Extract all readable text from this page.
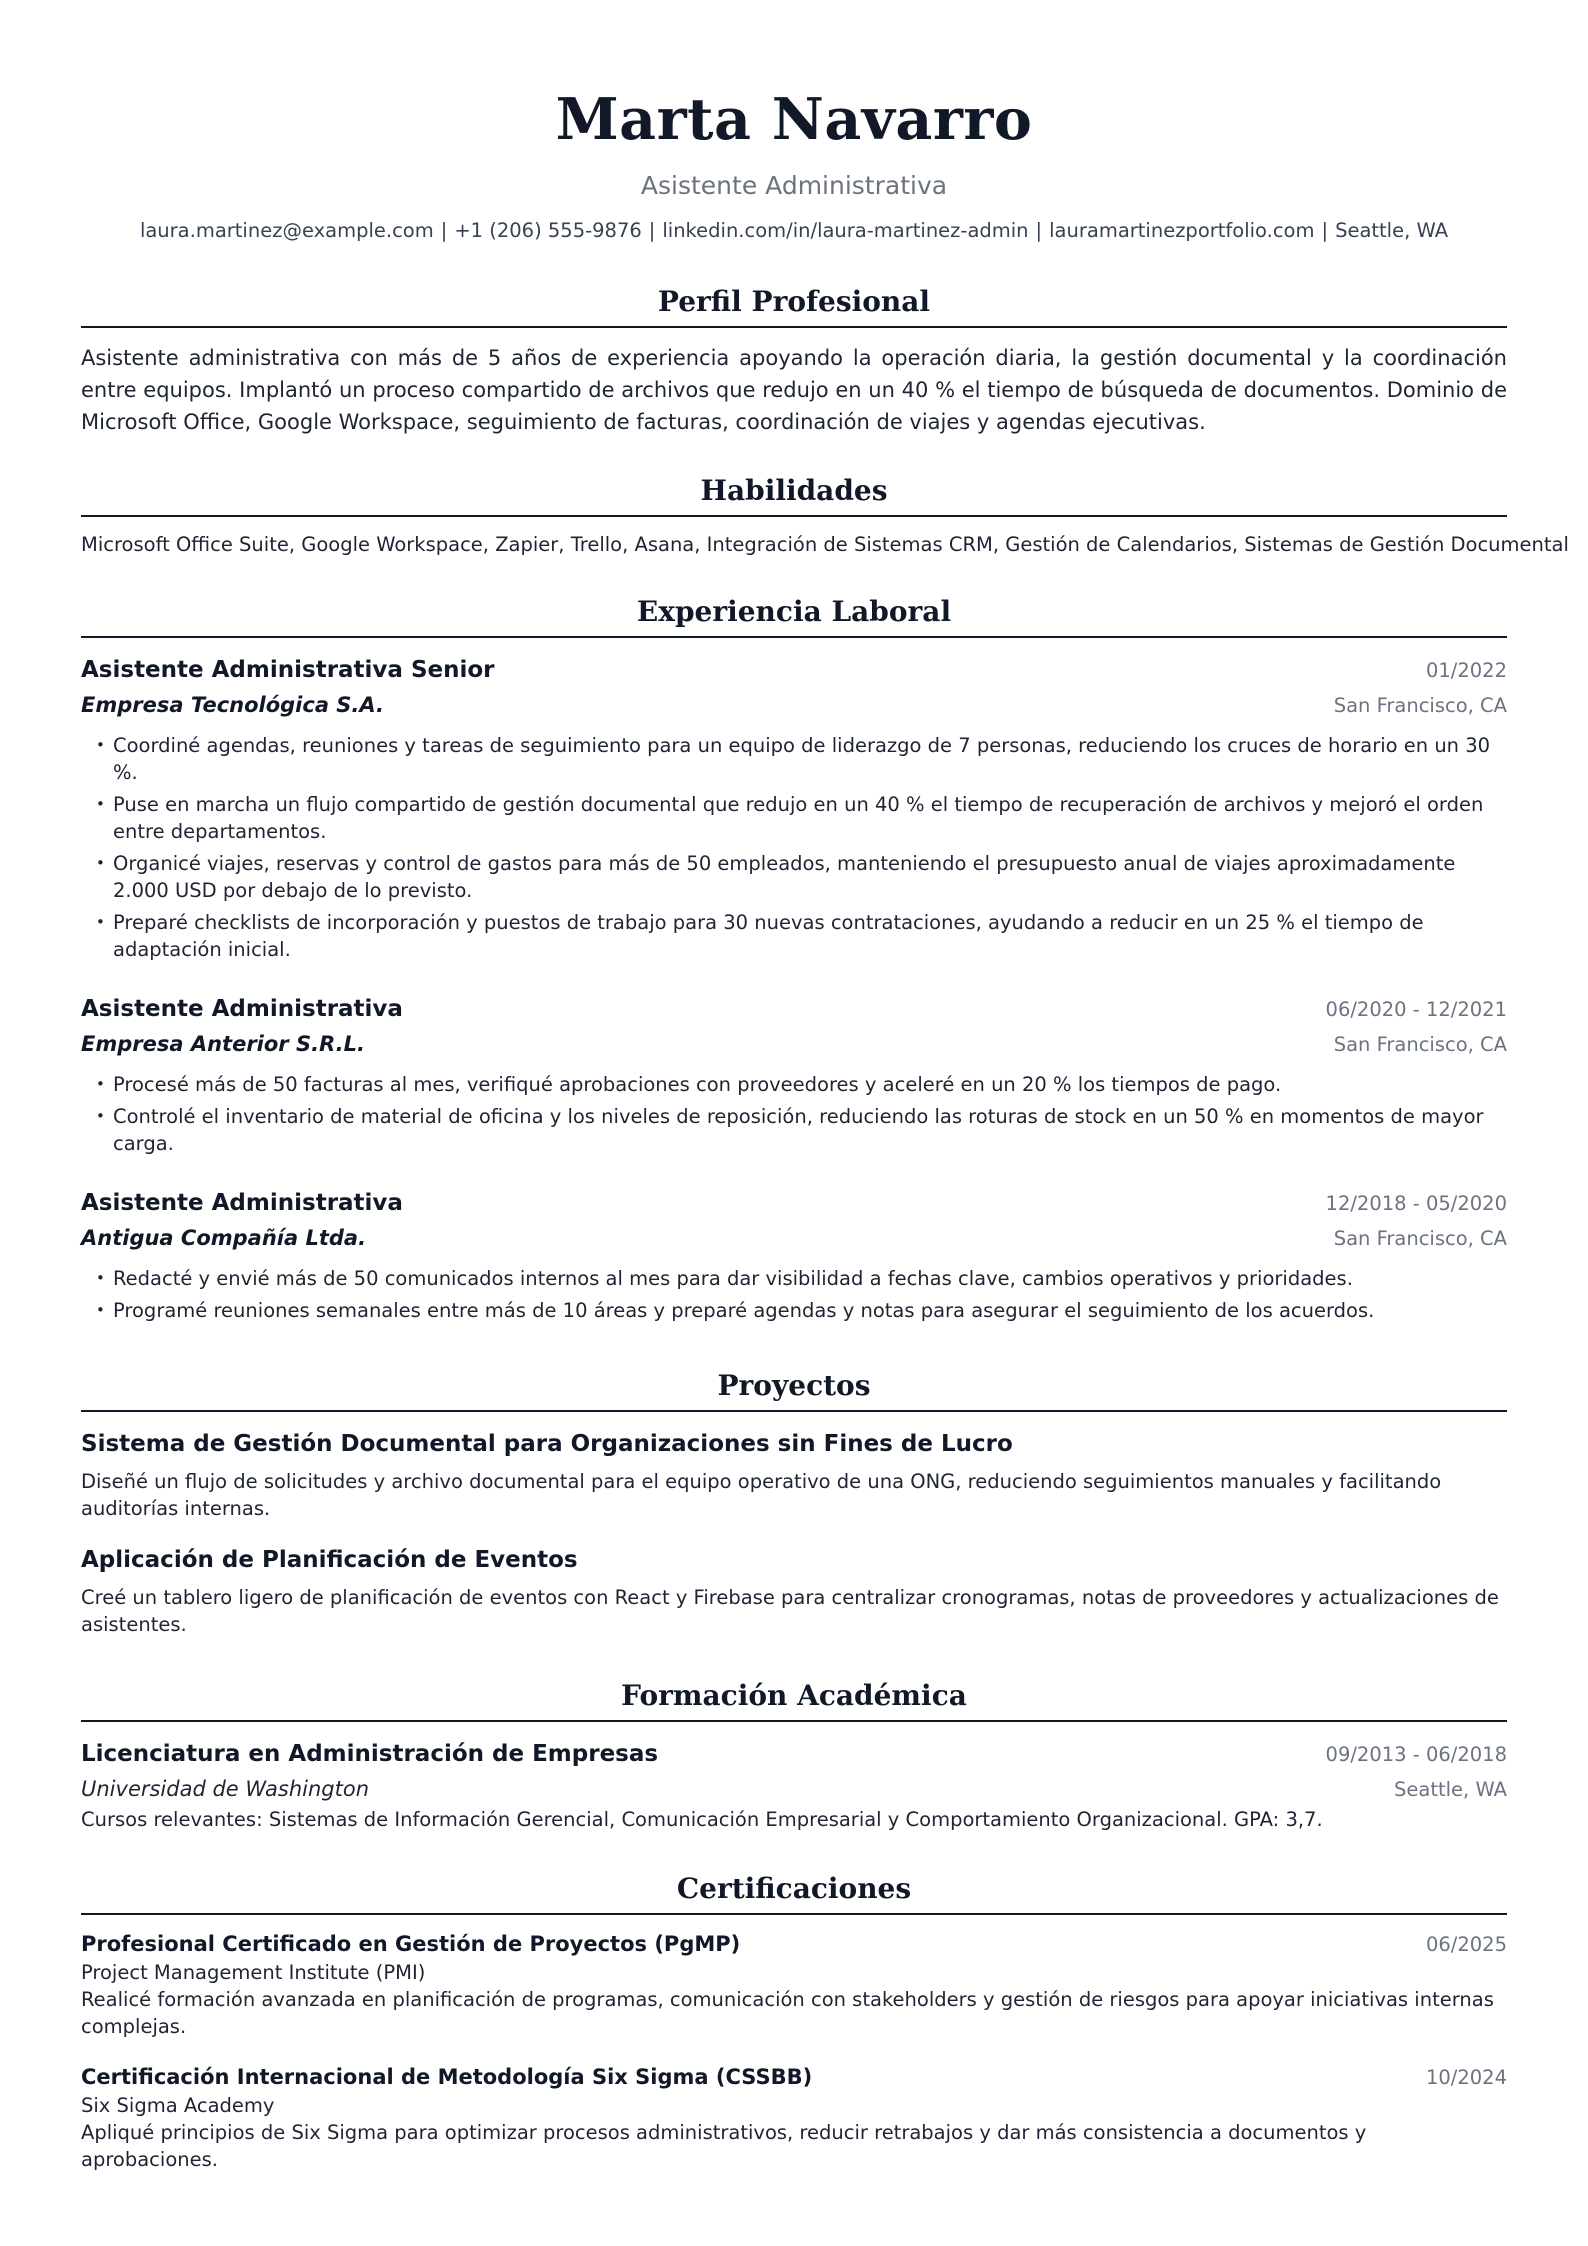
Marta Navarro
Asistente Administrativa
laura.martinez@example.com | +1 (206) 555-9876 | linkedin.com/in/laura-martinez-admin | lauramartinezportfolio.com | Seattle, WA
Perfil Profesional
Asistente administrativa con más de 5 años de experiencia apoyando la operación diaria, la gestión documental y la coordinación entre equipos. Implantó un proceso compartido de archivos que redujo en un 40 % el tiempo de búsqueda de documentos. Dominio de Microsoft Office, Google Workspace, seguimiento de facturas, coordinación de viajes y agendas ejecutivas.
Habilidades
Microsoft Office Suite, Google Workspace, Zapier, Trello, Asana, Integración de Sistemas CRM, Gestión de Calendarios, Sistemas de Gestión Documental
Experiencia Laboral
Asistente Administrativa Senior	01/2022
Empresa Tecnológica S.A.	San Francisco, CA
• Coordiné agendas, reuniones y tareas de seguimiento para un equipo de liderazgo de 7 personas, reduciendo los cruces de horario en un 30 %.
• Puse en marcha un flujo compartido de gestión documental que redujo en un 40 % el tiempo de recuperación de archivos y mejoró el orden entre departamentos.
• Organicé viajes, reservas y control de gastos para más de 50 empleados, manteniendo el presupuesto anual de viajes aproximadamente 2.000 USD por debajo de lo previsto.
• Preparé checklists de incorporación y puestos de trabajo para 30 nuevas contrataciones, ayudando a reducir en un 25 % el tiempo de adaptación inicial.
Asistente Administrativa	06/2020 - 12/2021
Empresa Anterior S.R.L.	San Francisco, CA
• Procesé más de 50 facturas al mes, verifiqué aprobaciones con proveedores y aceleré en un 20 % los tiempos de pago.
• Controlé el inventario de material de oficina y los niveles de reposición, reduciendo las roturas de stock en un 50 % en momentos de mayor carga.
Asistente Administrativa	12/2018 - 05/2020
Antigua Compañía Ltda.	San Francisco, CA
• Redacté y envié más de 50 comunicados internos al mes para dar visibilidad a fechas clave, cambios operativos y prioridades.
• Programé reuniones semanales entre más de 10 áreas y preparé agendas y notas para asegurar el seguimiento de los acuerdos.
Proyectos
Sistema de Gestión Documental para Organizaciones sin Fines de Lucro
Diseñé un flujo de solicitudes y archivo documental para el equipo operativo de una ONG, reduciendo seguimientos manuales y facilitando auditorías internas.
Aplicación de Planificación de Eventos
Creé un tablero ligero de planificación de eventos con React y Firebase para centralizar cronogramas, notas de proveedores y actualizaciones de asistentes.
Formación Académica
Licenciatura en Administración de Empresas	09/2013 - 06/2018
Universidad de Washington	Seattle, WA
Cursos relevantes: Sistemas de Información Gerencial, Comunicación Empresarial y Comportamiento Organizacional. GPA: 3,7.
Certificaciones
Profesional Certificado en Gestión de Proyectos (PgMP)	06/2025
Project Management Institute (PMI)
Realicé formación avanzada en planificación de programas, comunicación con stakeholders y gestión de riesgos para apoyar iniciativas internas complejas.
Certificación Internacional de Metodología Six Sigma (CSSBB)	10/2024
Six Sigma Academy
Apliqué principios de Six Sigma para optimizar procesos administrativos, reducir retrabajos y dar más consistencia a documentos y aprobaciones.
